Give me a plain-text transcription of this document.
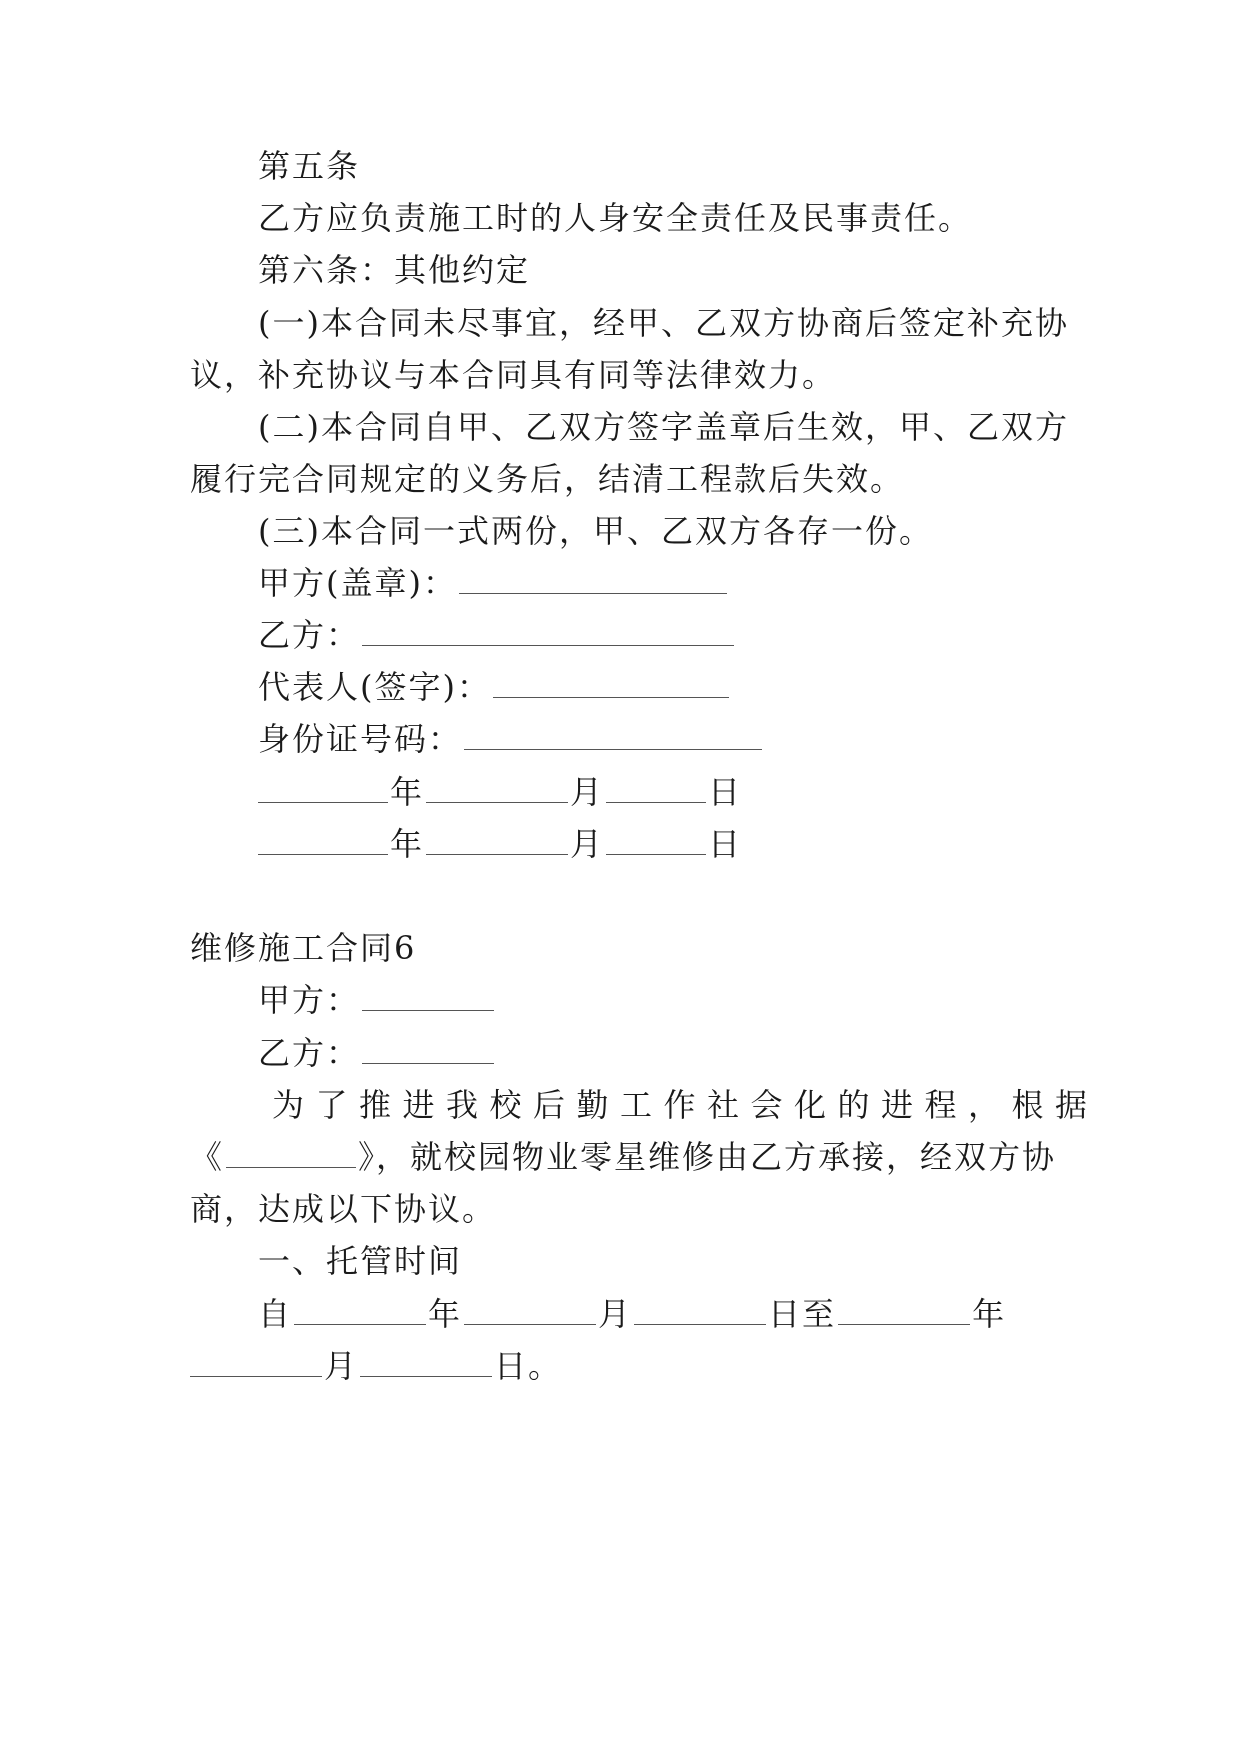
第五条
乙方应负责施工时的人身安全责任及民事责任。
第六条：其他约定
(一)本合同未尽事宜，经甲、乙双方协商后签定补充协
议，补充协议与本合同具有同等法律效力。
(二)本合同自甲、乙双方签字盖章后生效，甲、乙双方
履行完合同规定的义务后，结清工程款后失效。
(三)本合同一式两份，甲、乙双方各存一份。
甲方(盖章)：
乙方：
代表人(签字)：
身份证号码：
年	月	日
年	月	日
维修施工合同6
甲方：
乙方：
为了推进我校后勤工作社会化的进程，根据
《	》，就校园物业零星维修由乙方承接，经双方协
商，达成以下协议。
一、托管时间
自	年	月	日至	年
月	日。
